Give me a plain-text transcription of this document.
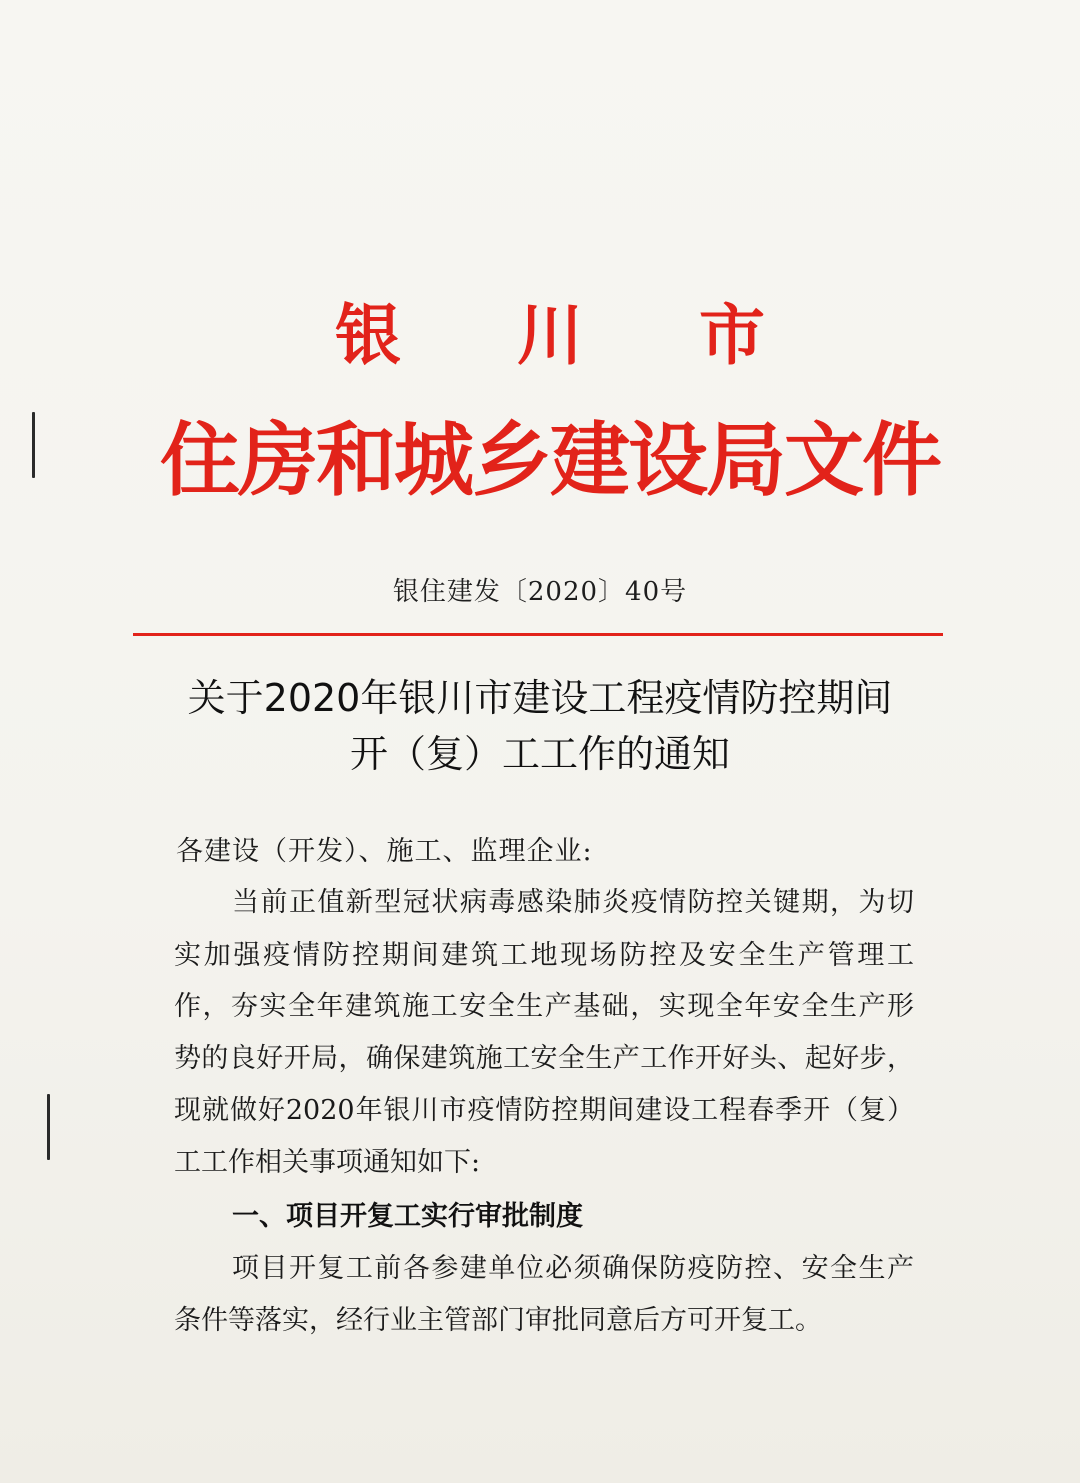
银 川 市
住房和城乡建设局文件
银住建发〔2020〕40号
关于2020年银川市建设工程疫情防控期间
开（复）工工作的通知
各建设（开发）、施工、监理企业:
当前正值新型冠状病毒感染肺炎疫情防控关键期，为切
实加强疫情防控期间建筑工地现场防控及安全生产管理工
作，夯实全年建筑施工安全生产基础，实现全年安全生产形
势的良好开局，确保建筑施工安全生产工作开好头、起好步，
现就做好2020年银川市疫情防控期间建设工程春季开（复）
工工作相关事项通知如下:
一、项目开复工实行审批制度
项目开复工前各参建单位必须确保防疫防控、安全生产
条件等落实，经行业主管部门审批同意后方可开复工。
